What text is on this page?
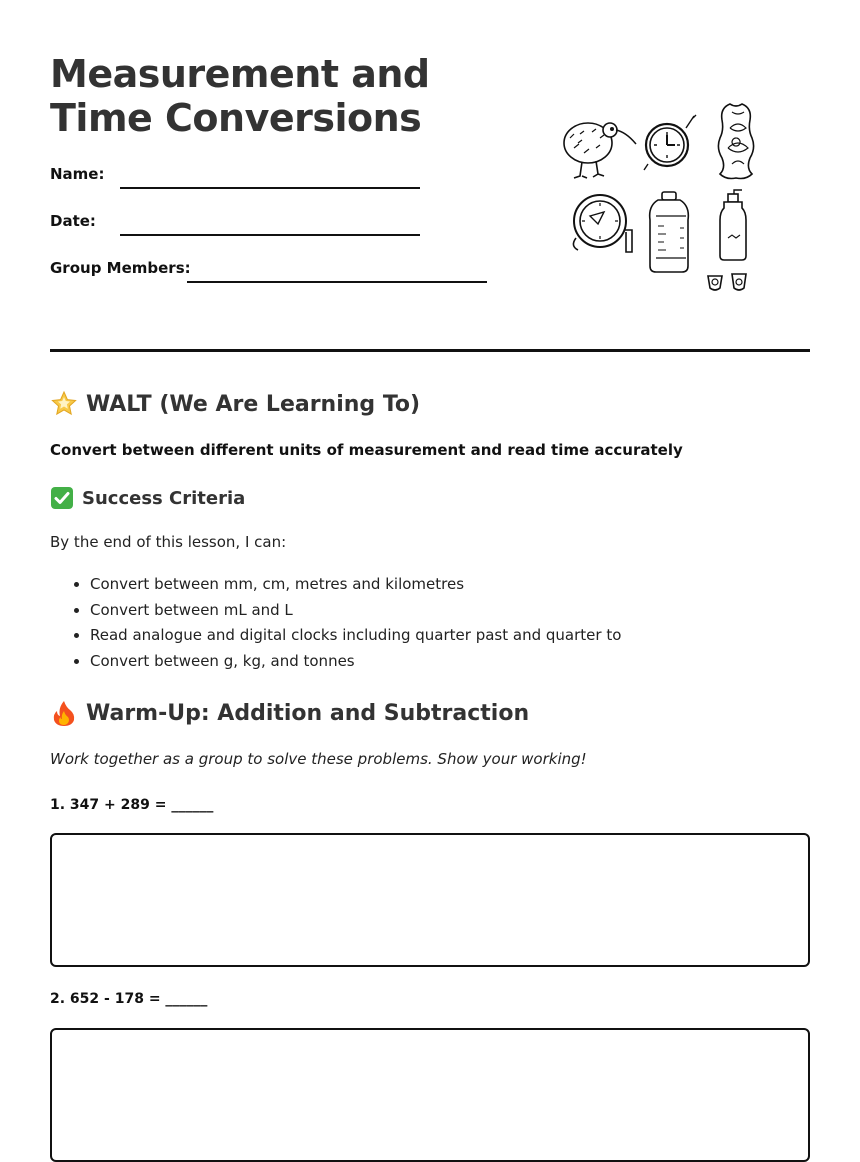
Measurement and Time Conversions
Name:
Date:
Group Members:
WALT (We Are Learning To)
Convert between different units of measurement and read time accurately
Success Criteria
By the end of this lesson, I can:
• Convert between mm, cm, metres and kilometres
• Convert between mL and L
• Read analogue and digital clocks including quarter past and quarter to
• Convert between g, kg, and tonnes
Warm-Up: Addition and Subtraction
Work together as a group to solve these problems. Show your working!
1. 347 + 289 = ______
2. 652 - 178 = ______
